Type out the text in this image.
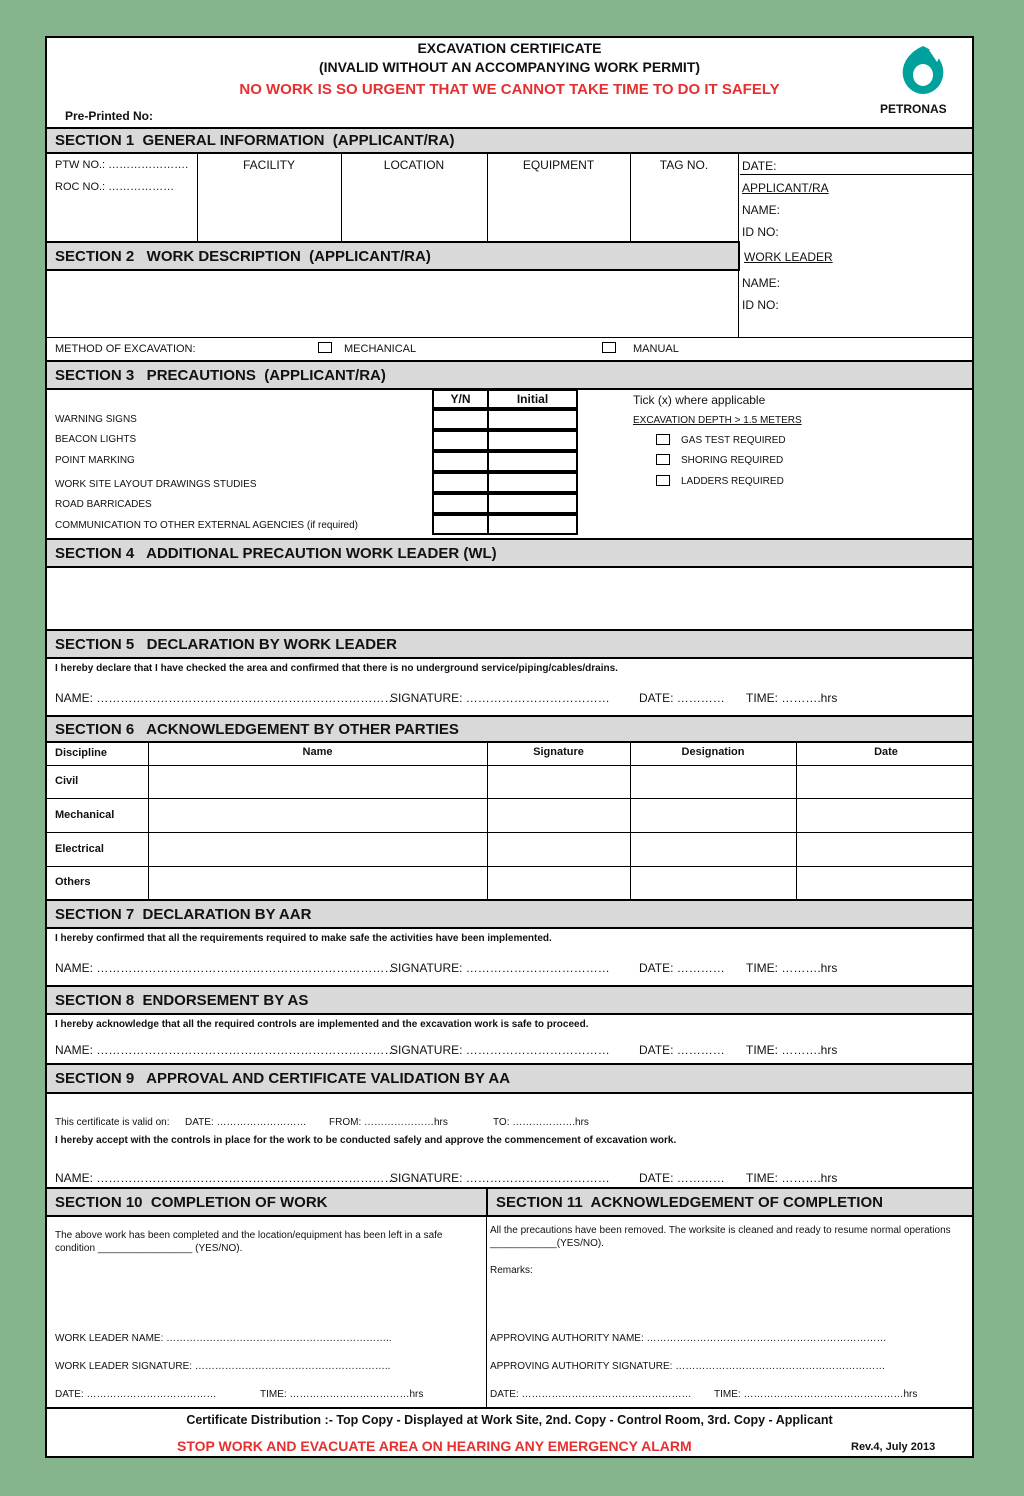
EXCAVATION CERTIFICATE
(INVALID WITHOUT AN ACCOMPANYING WORK PERMIT)
NO WORK IS SO URGENT THAT WE CANNOT TAKE TIME TO DO IT SAFELY
Pre-Printed No:	PETRONAS
SECTION 1  GENERAL INFORMATION  (APPLICANT/RA)
PTW NO.: ………………….
ROC NO.: ………………
FACILITY	LOCATION	EQUIPMENT	TAG NO.	DATE:
APPLICANT/RA
NAME:
ID NO:
SECTION 2   WORK DESCRIPTION  (APPLICANT/RA)	WORK LEADER
NAME:
ID NO:
METHOD OF EXCAVATION:	MECHANICAL	MANUAL
SECTION 3   PRECAUTIONS  (APPLICANT/RA)
Y/N	Initial
WARNING SIGNS
BEACON LIGHTS
POINT MARKING
WORK SITE LAYOUT DRAWINGS STUDIES
ROAD BARRICADES
COMMUNICATION TO OTHER EXTERNAL AGENCIES (if required)
Tick (x) where applicable
EXCAVATION DEPTH > 1.5 METERS
GAS TEST REQUIRED
SHORING REQUIRED
LADDERS REQUIRED
SECTION 4   ADDITIONAL PRECAUTION WORK LEADER (WL)
SECTION 5   DECLARATION BY WORK LEADER
I hereby declare that I have checked the area and confirmed that there is no underground service/piping/cables/drains.
NAME: …………………………………………………………………
SIGNATURE: ……………………………… DATE: ………… TIME: ……….hrs
SECTION 6   ACKNOWLEDGEMENT BY OTHER PARTIES
Discipline	Name	Signature	Designation	Date
Civil
Mechanical
Electrical
Others
SECTION 7  DECLARATION BY AAR
I hereby confirmed that all the requirements required to make safe the activities have been implemented.
NAME: …………………………………………………………………
SIGNATURE: ……………………………… DATE: ………… TIME: ……….hrs
SECTION 8  ENDORSEMENT BY AS
I hereby acknowledge that all the required controls are implemented and the excavation work is safe to proceed.
NAME: …………………………………………………………………
SIGNATURE: ……………………………… DATE: ………… TIME: ……….hrs
SECTION 9   APPROVAL AND CERTIFICATE VALIDATION BY AA
This certificate is valid on: DATE: ……………………… FROM: …………………hrs	TO: ……………….hrs
I hereby accept with the controls in place for the work to be conducted safely and approve the commencement of excavation work.
NAME: …………………………………………………………………
SIGNATURE: ……………………………… DATE: ………… TIME: ……….hrs
SECTION 10  COMPLETION OF WORK	SECTION 11  ACKNOWLEDGEMENT OF COMPLETION
The above work has been completed and the location/equipment has been left in a safe condition _________________ (YES/NO).
WORK LEADER NAME: …………………………………………………………..
WORK LEADER SIGNATURE: …………………………………………………..
DATE: …………………………………	TIME: ………………………………hrs
All the precautions have been removed. The worksite is cleaned and ready to resume normal operations ____________(YES/NO).
Remarks:
APPROVING AUTHORITY NAME: ………………………………………………………………
APPROVING AUTHORITY SIGNATURE: ………………………………………………………
DATE: …………………………………………… TIME: …………………………………………hrs
Certificate Distribution :- Top Copy - Displayed at Work Site, 2nd. Copy - Control Room, 3rd. Copy - Applicant
STOP WORK AND EVACUATE AREA ON HEARING ANY EMERGENCY ALARM	Rev.4, July 2013
